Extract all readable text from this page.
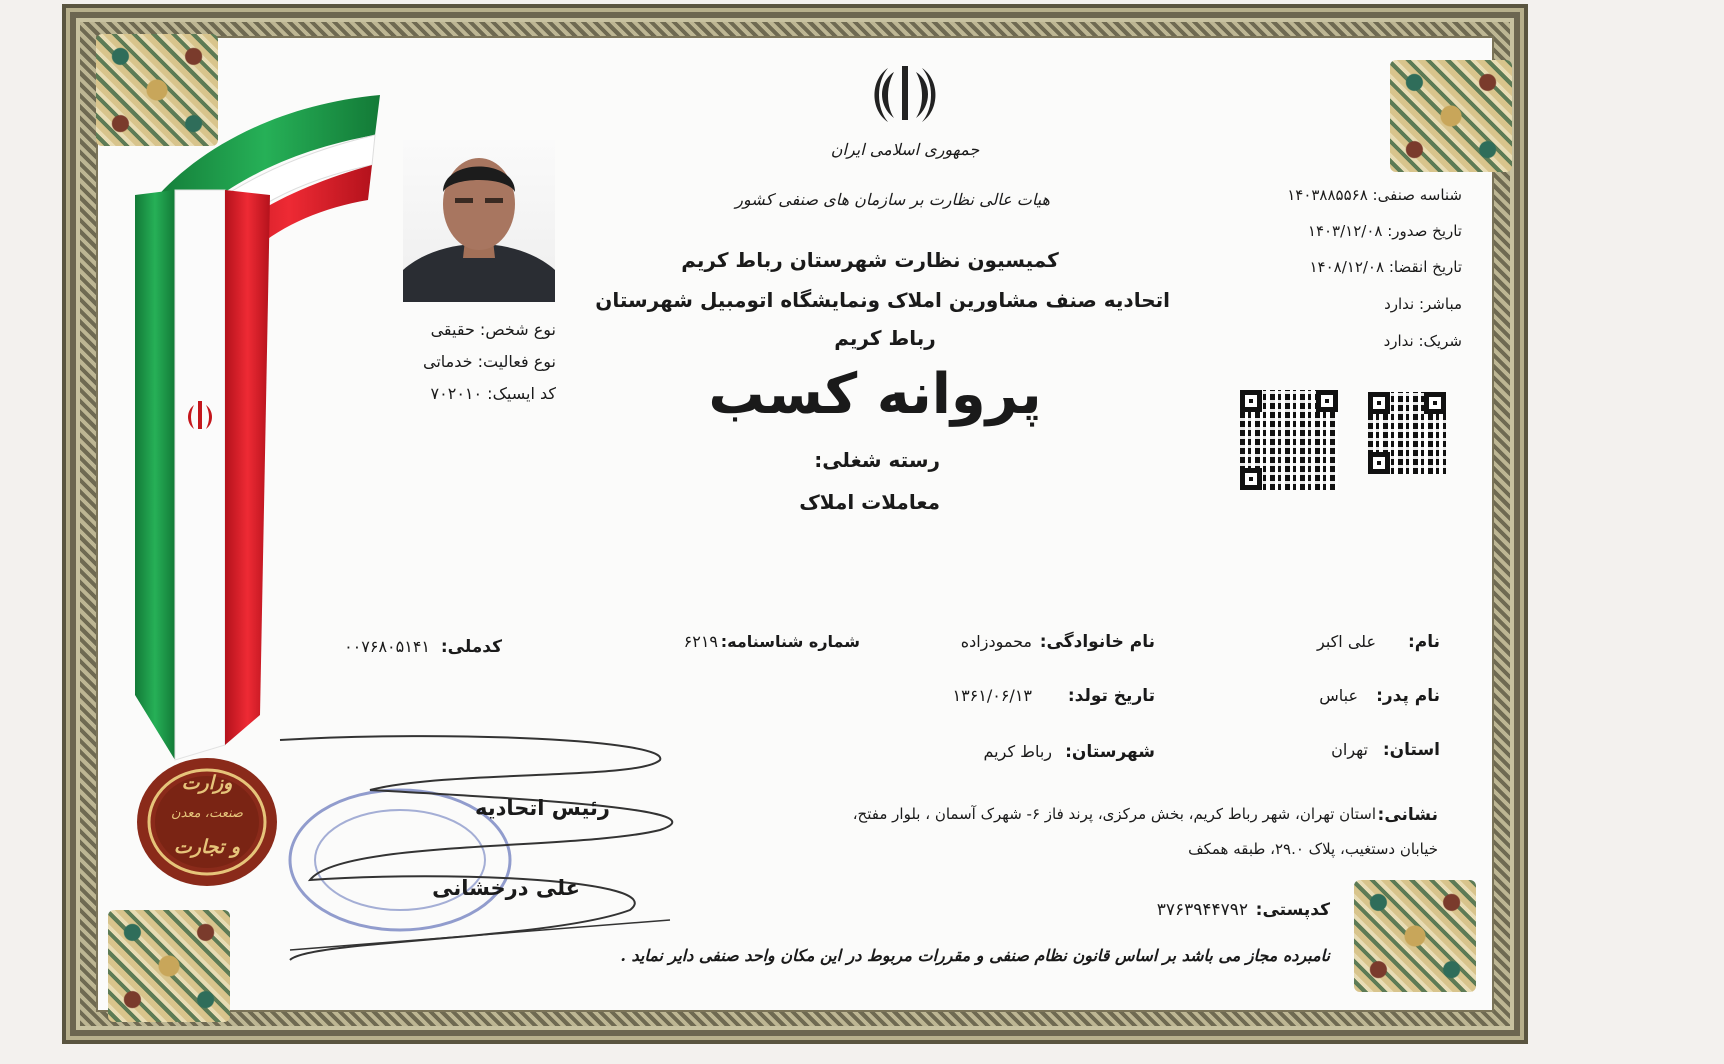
جمهوری اسلامی ایران
هیات عالی نظارت بر سازمان های صنفی کشور
کمیسیون نظارت شهرستان رباط کریم
اتحادیه صنف مشاورین املاک ونمایشگاه اتومبیل شهرستان
رباط کریم
پروانه کسب
رسته شغلی:
معاملات املاک
شناسه صنفی: ۱۴۰۳۸۸۵۵۶۸
تاریخ صدور: ۱۴۰۳/۱۲/۰۸
تاریخ انقضا: ۱۴۰۸/۱۲/۰۸
مباشر: ندارد
شریک: ندارد
نوع شخص: حقیقی
نوع فعالیت: خدماتی
کد ایسیک: ۷۰۲۰۱۰
نام:
علی اکبر
نام خانوادگی:
محمودزاده
شماره شناسنامه:
۶۲۱۹
کدملی:
۰۰۷۶۸۰۵۱۴۱
نام پدر:
عباس
تاریخ تولد:
۱۳۶۱/۰۶/۱۳
استان:
تهران
شهرستان:
رباط کریم
نشانی:
استان تهران، شهر رباط کریم، بخش مرکزی، پرند فاز ۶- شهرک آسمان ، بلوار مفتح،
خیابان دستغیب، پلاک ۲۹.۰، طبقه همکف
کدپستی:
۳۷۶۳۹۴۴۷۹۲
نامبرده مجاز می باشد بر اساس قانون نظام صنفی و مقررات مربوط در این مکان واحد صنفی دایر نماید .
رئیس اتحادیه
علی درخشانی
وزارت
صنعت، معدن
و تجارت
